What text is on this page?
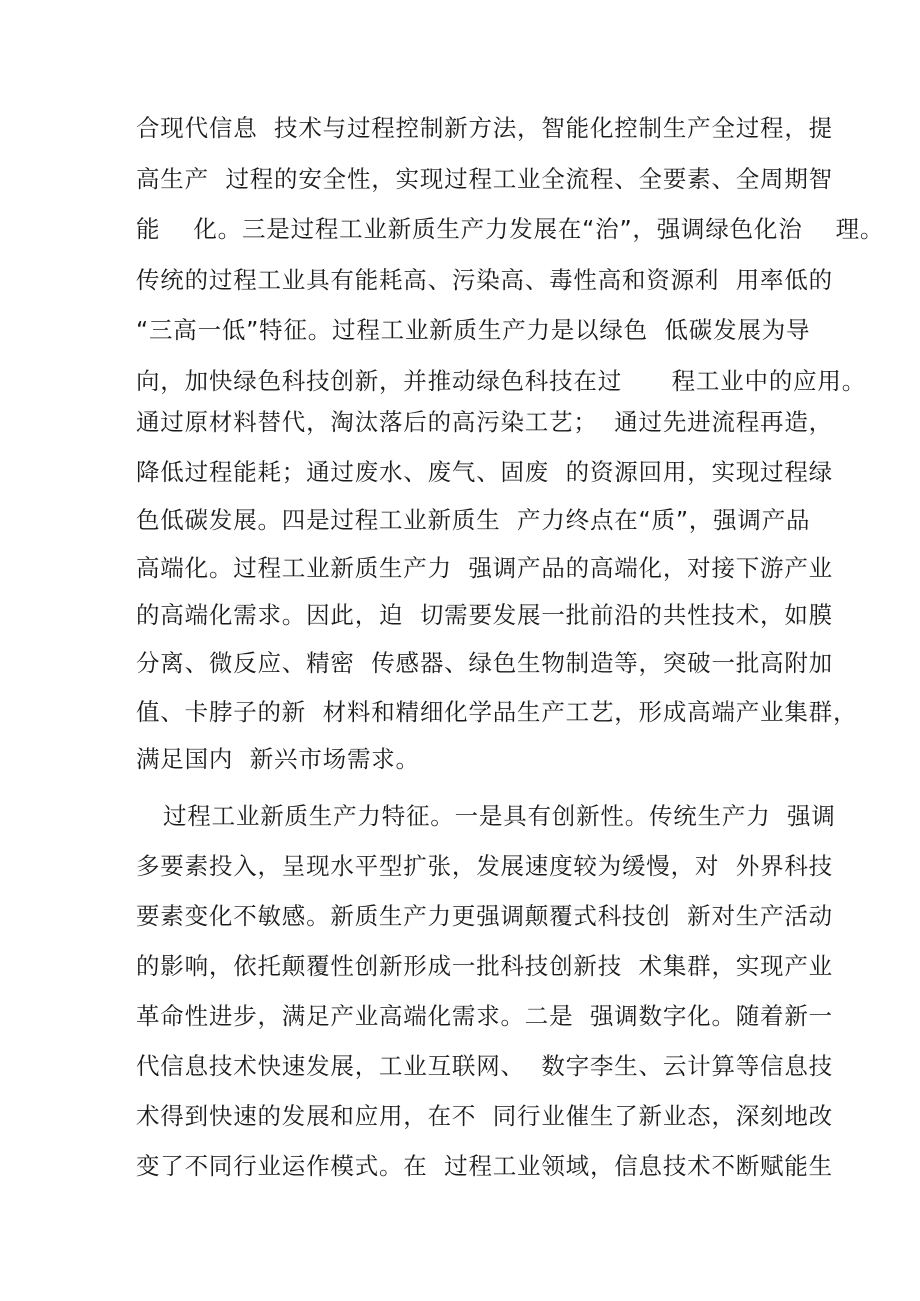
合现代信息  技术与过程控制新方法，智能化控制生产全过程，提
高生产  过程的安全性，实现过程工业全流程、全要素、全周期智
能    化。三是过程工业新质生产力发展在“治”，强调绿色化治    理。
传统的过程工业具有能耗高、污染高、毒性高和资源利  用率低的
“三高一低”特征。过程工业新质生产力是以绿色  低碳发展为导
向，加快绿色科技创新，并推动绿色科技在过      程工业中的应用。
通过原材料替代，淘汰落后的高污染工艺；  通过先进流程再造，
降低过程能耗；通过废水、废气、固废  的资源回用，实现过程绿
色低碳发展。四是过程工业新质生  产力终点在“质”，强调产品
高端化。过程工业新质生产力  强调产品的高端化，对接下游产业
的高端化需求。因此，迫  切需要发展一批前沿的共性技术，如膜
分离、微反应、精密  传感器、绿色生物制造等，突破一批高附加
值、卡脖子的新  材料和精细化学品生产工艺，形成高端产业集群，
满足国内  新兴市场需求。
过程工业新质生产力特征。一是具有创新性。传统生产力  强调
多要素投入，呈现水平型扩张，发展速度较为缓慢，对  外界科技
要素变化不敏感。新质生产力更强调颠覆式科技创  新对生产活动
的影响，依托颠覆性创新形成一批科技创新技  术集群，实现产业
革命性进步，满足产业高端化需求。二是  强调数字化。随着新一
代信息技术快速发展，工业互联网、  数字李生、云计算等信息技
术得到快速的发展和应用，在不  同行业催生了新业态，深刻地改
变了不同行业运作模式。在  过程工业领域，信息技术不断赋能生
